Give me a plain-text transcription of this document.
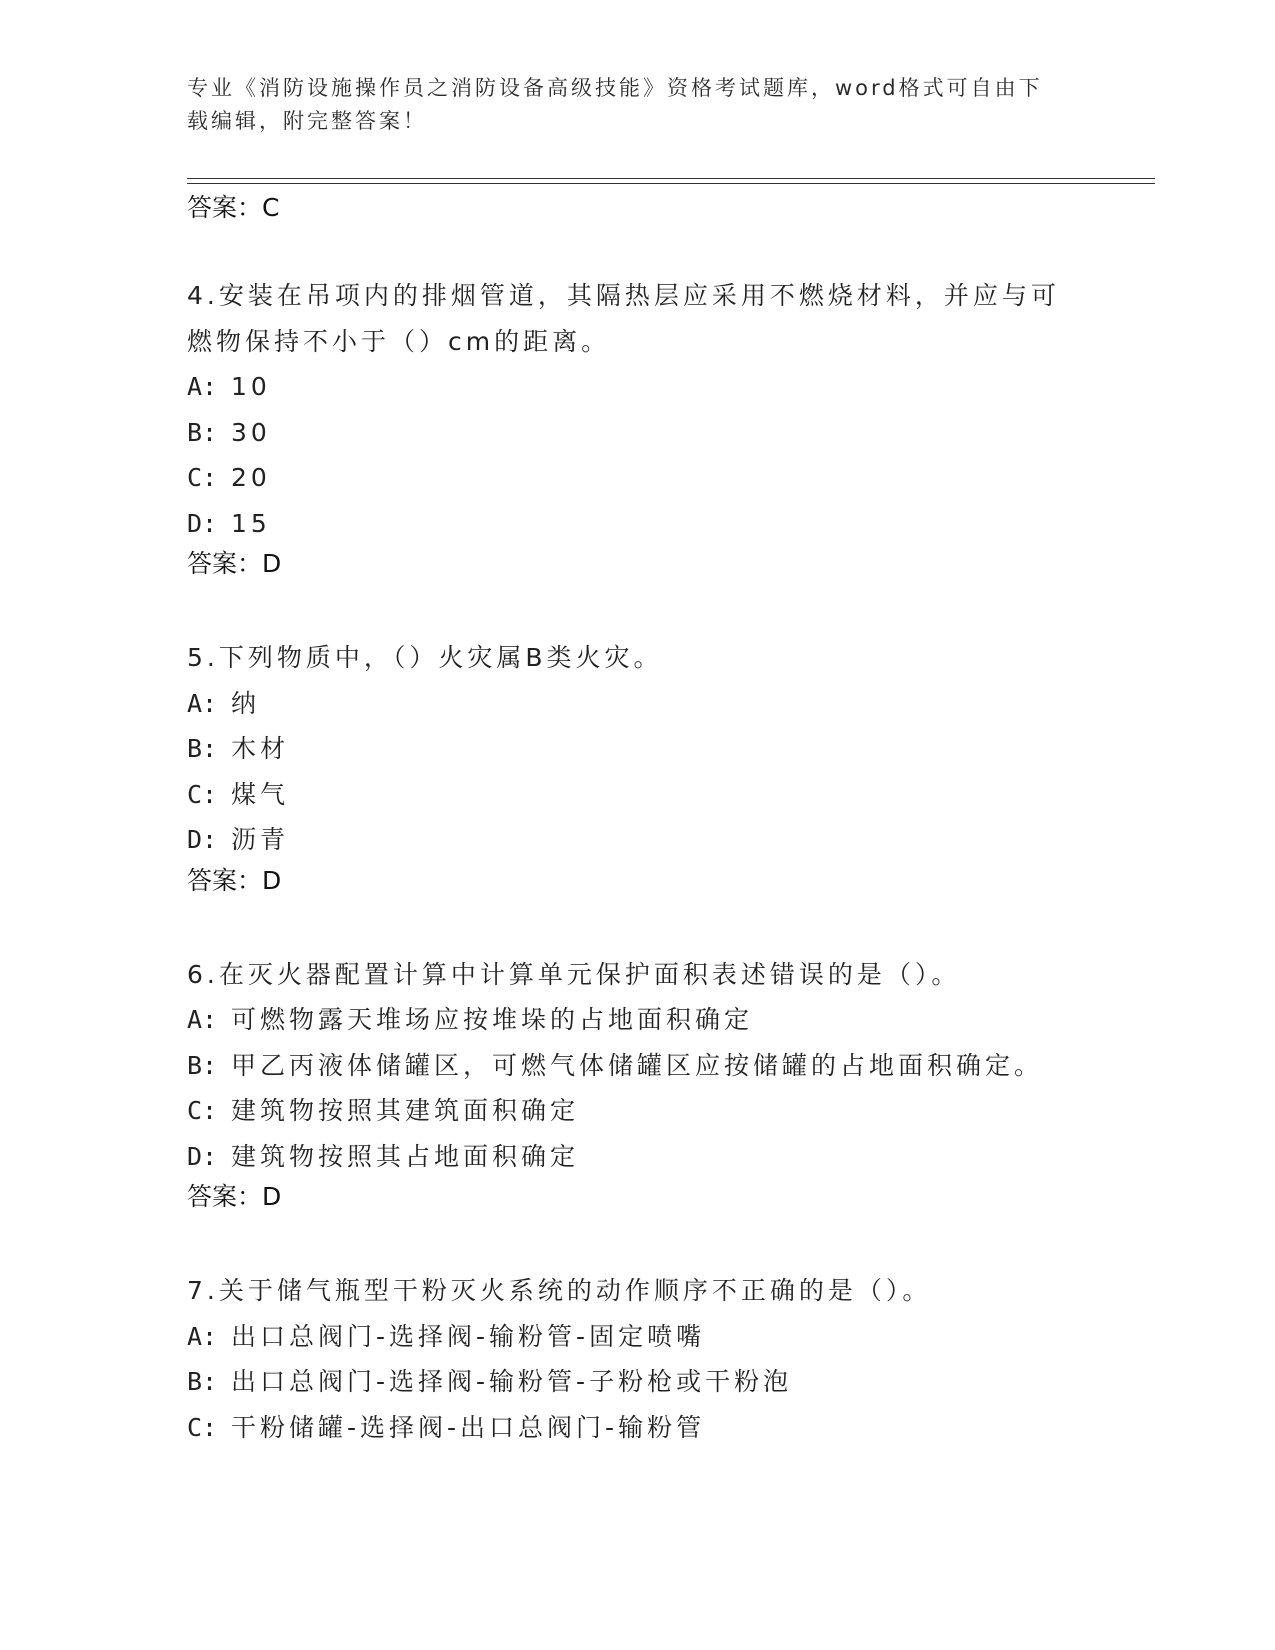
专业《消防设施操作员之消防设备高级技能》资格考试题库，word格式可自由下
载编辑，附完整答案！
答案：C
4.安装在吊项内的排烟管道，其隔热层应采用不燃烧材料，并应与可
燃物保持不小于（）cm的距离。
A: 10
B: 30
C: 20
D: 15
答案：D
5.下列物质中，（）火灾属B类火灾。
A: 纳
B: 木材
C: 煤气
D: 沥青
答案：D
6.在灭火器配置计算中计算单元保护面积表述错误的是（）。
A: 可燃物露天堆场应按堆垛的占地面积确定
B: 甲乙丙液体储罐区，可燃气体储罐区应按储罐的占地面积确定。
C: 建筑物按照其建筑面积确定
D: 建筑物按照其占地面积确定
答案：D
7.关于储气瓶型干粉灭火系统的动作顺序不正确的是（）。
A: 出口总阀门-选择阀-输粉管-固定喷嘴
B: 出口总阀门-选择阀-输粉管-子粉枪或干粉泡
C: 干粉储罐-选择阀-出口总阀门-输粉管
